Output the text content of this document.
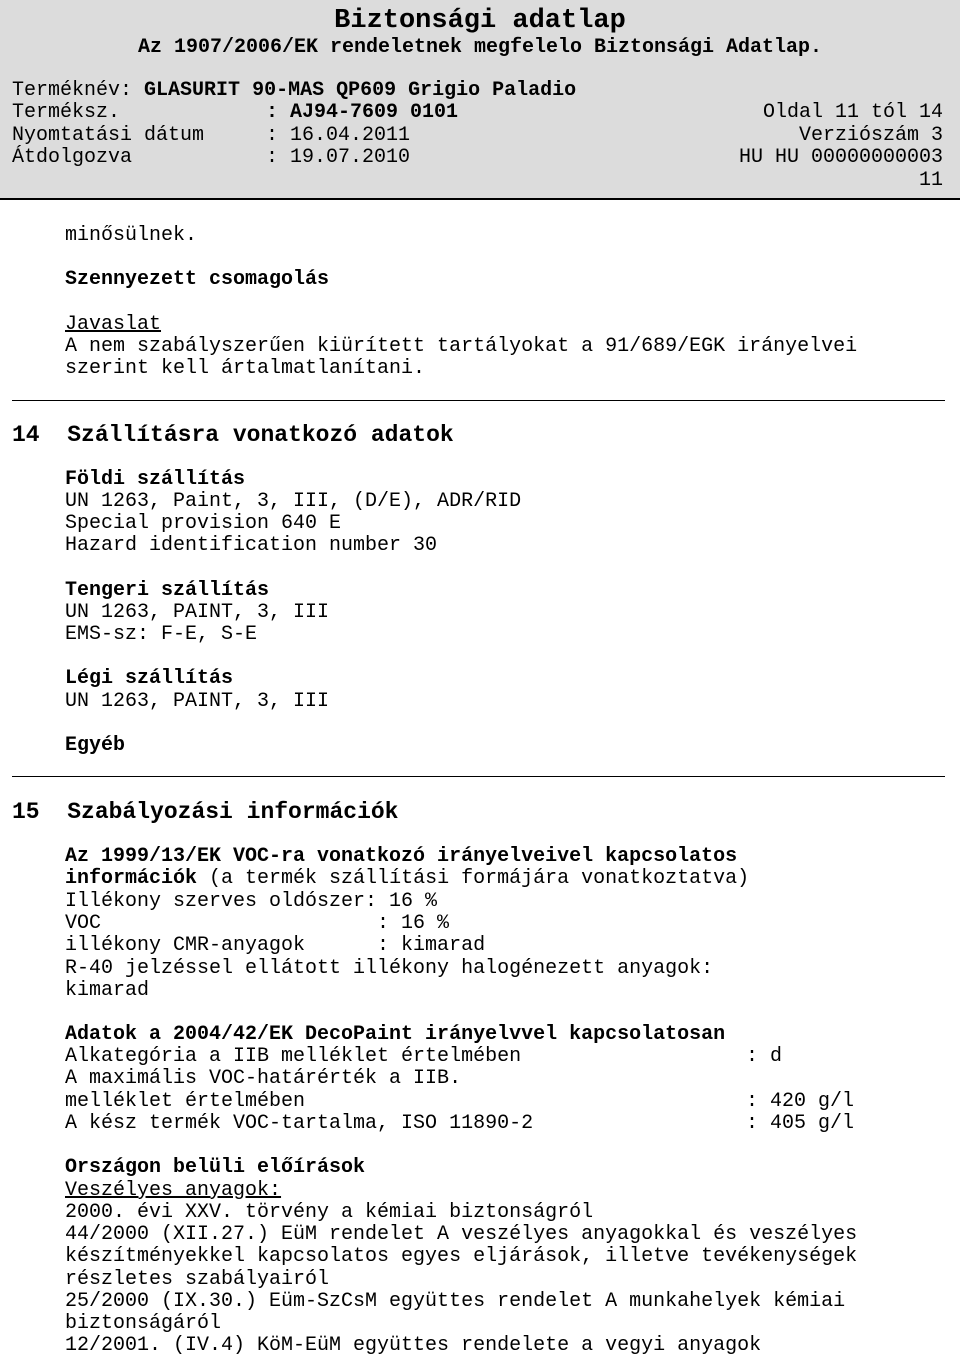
Biztonsági adatlap
Az 1907/2006/EK rendeletnek megfelelo Biztonsági Adatlap.
Terméknév: GLASURIT 90-MAS QP609 Grigio Paladio
Terméksz.	: AJ94-7609 0101	Oldal 11 tól 14
Nyomtatási dátum	: 16.04.2011	Verziószám 3
Átdolgozva	: 19.07.2010	HU HU 00000000003
11
minősülnek.
Szennyezett csomagolás
Javaslat
A nem szabályszerűen kiürített tartályokat a 91/689/EGK irányelvei
szerint kell ártalmatlanítani.
14 Szállításra vonatkozó adatok
Földi szállítás
UN 1263, Paint, 3, III, (D/E), ADR/RID
Special provision 640 E
Hazard identification number 30
Tengeri szállítás
UN 1263, PAINT, 3, III
EMS-sz: F-E, S-E
Légi szállítás
UN 1263, PAINT, 3, III
Egyéb
15 Szabályozási információk
Az 1999/13/EK VOC-ra vonatkozó irányelveivel kapcsolatos
információk (a termék szállítási formájára vonatkoztatva)
Illékony szerves oldószer: 16 %
VOC                       : 16 %
illékony CMR-anyagok      : kimarad
R-40 jelzéssel ellátott illékony halogénezett anyagok:
kimarad
Adatok a 2004/42/EK DecoPaint irányelvvel kapcsolatosan
Alkategória a IIB melléklet értelmében	: d
A maximális VOC-határérték a IIB.
melléklet értelmében	: 420 g/l
A kész termék VOC-tartalma, ISO 11890-2	: 405 g/l
Országon belüli előírások
Veszélyes anyagok:
2000. évi XXV. törvény a kémiai biztonságról
44/2000 (XII.27.) EüM rendelet A veszélyes anyagokkal és veszélyes
készítményekkel kapcsolatos egyes eljárások, illetve tevékenységek
részletes szabályairól
25/2000 (IX.30.) Eüm-SzCsM együttes rendelet A munkahelyek kémiai
biztonságáról
12/2001. (IV.4) KöM-EüM együttes rendelete a vegyi anyagok
